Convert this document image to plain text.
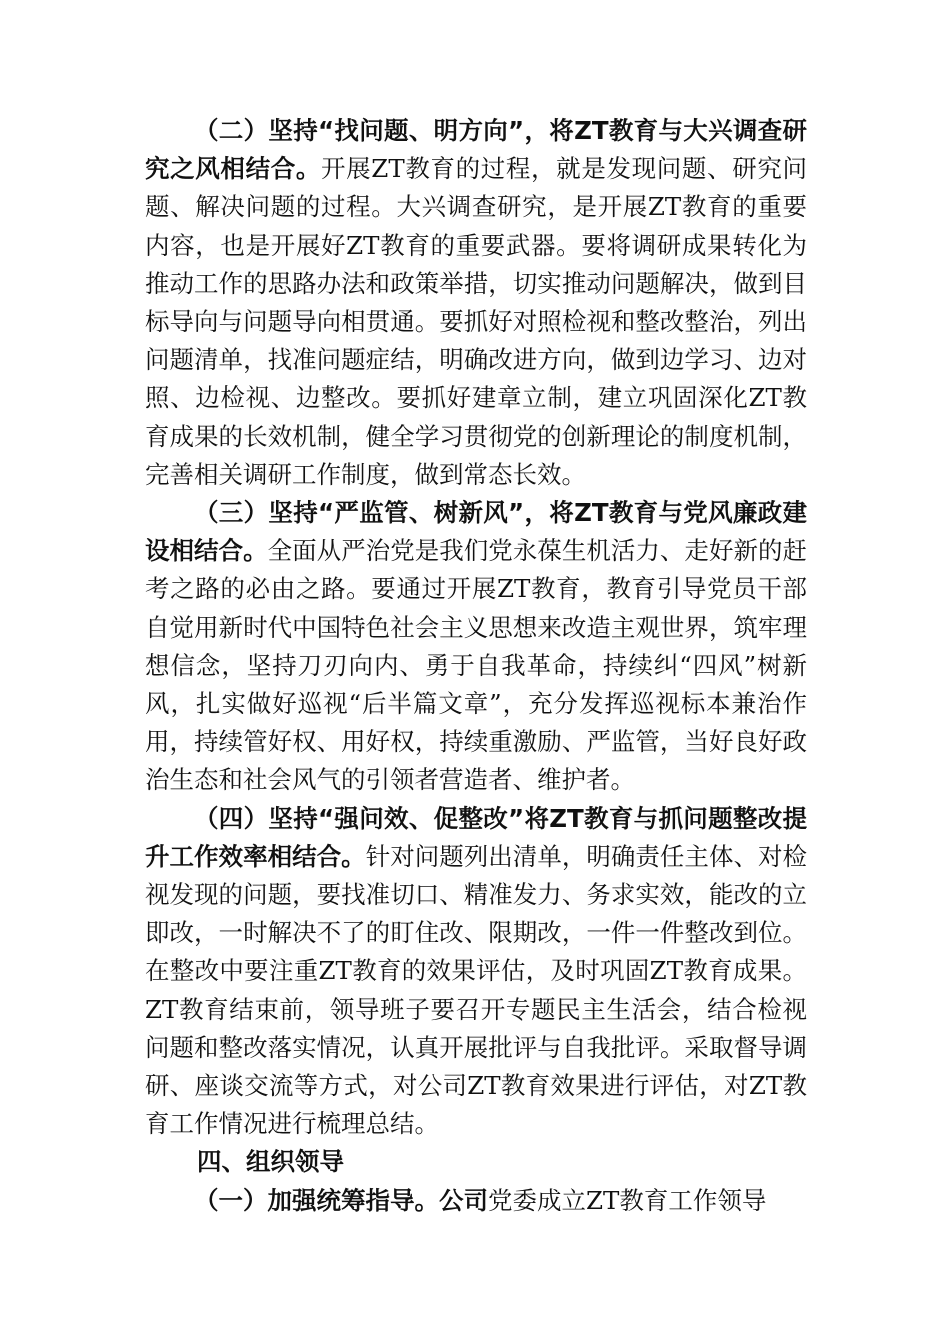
（二）坚持“找问题、明方向”，将ZT教育与大兴调查研究之风相结合。开展ZT教育的过程，就是发现问题、研究问题、解决问题的过程。大兴调查研究，是开展ZT教育的重要内容，也是开展好ZT教育的重要武器。要将调研成果转化为推动工作的思路办法和政策举措，切实推动问题解决，做到目标导向与问题导向相贯通。要抓好对照检视和整改整治，列出问题清单，找准问题症结，明确改进方向，做到边学习、边对照、边检视、边整改。要抓好建章立制，建立巩固深化ZT教育成果的长效机制，健全学习贯彻党的创新理论的制度机制，完善相关调研工作制度，做到常态长效。

（三）坚持“严监管、树新风”，将ZT教育与党风廉政建设相结合。全面从严治党是我们党永葆生机活力、走好新的赶考之路的必由之路。要通过开展ZT教育，教育引导党员干部自觉用新时代中国特色社会主义思想来改造主观世界，筑牢理想信念，坚持刀刃向内、勇于自我革命，持续纠“四风”树新风，扎实做好巡视“后半篇文章”，充分发挥巡视标本兼治作用，持续管好权、用好权，持续重激励、严监管，当好良好政治生态和社会风气的引领者营造者、维护者。

（四）坚持“强问效、促整改”将ZT教育与抓问题整改提升工作效率相结合。针对问题列出清单，明确责任主体、对检视发现的问题，要找准切口、精准发力、务求实效，能改的立即改，一时解决不了的盯住改、限期改，一件一件整改到位。在整改中要注重ZT教育的效果评估，及时巩固ZT教育成果。ZT教育结束前，领导班子要召开专题民主生活会，结合检视问题和整改落实情况，认真开展批评与自我批评。采取督导调研、座谈交流等方式，对公司ZT教育效果进行评估，对ZT教育工作情况进行梳理总结。

四、组织领导

（一）加强统筹指导。公司党委成立ZT教育工作领导
